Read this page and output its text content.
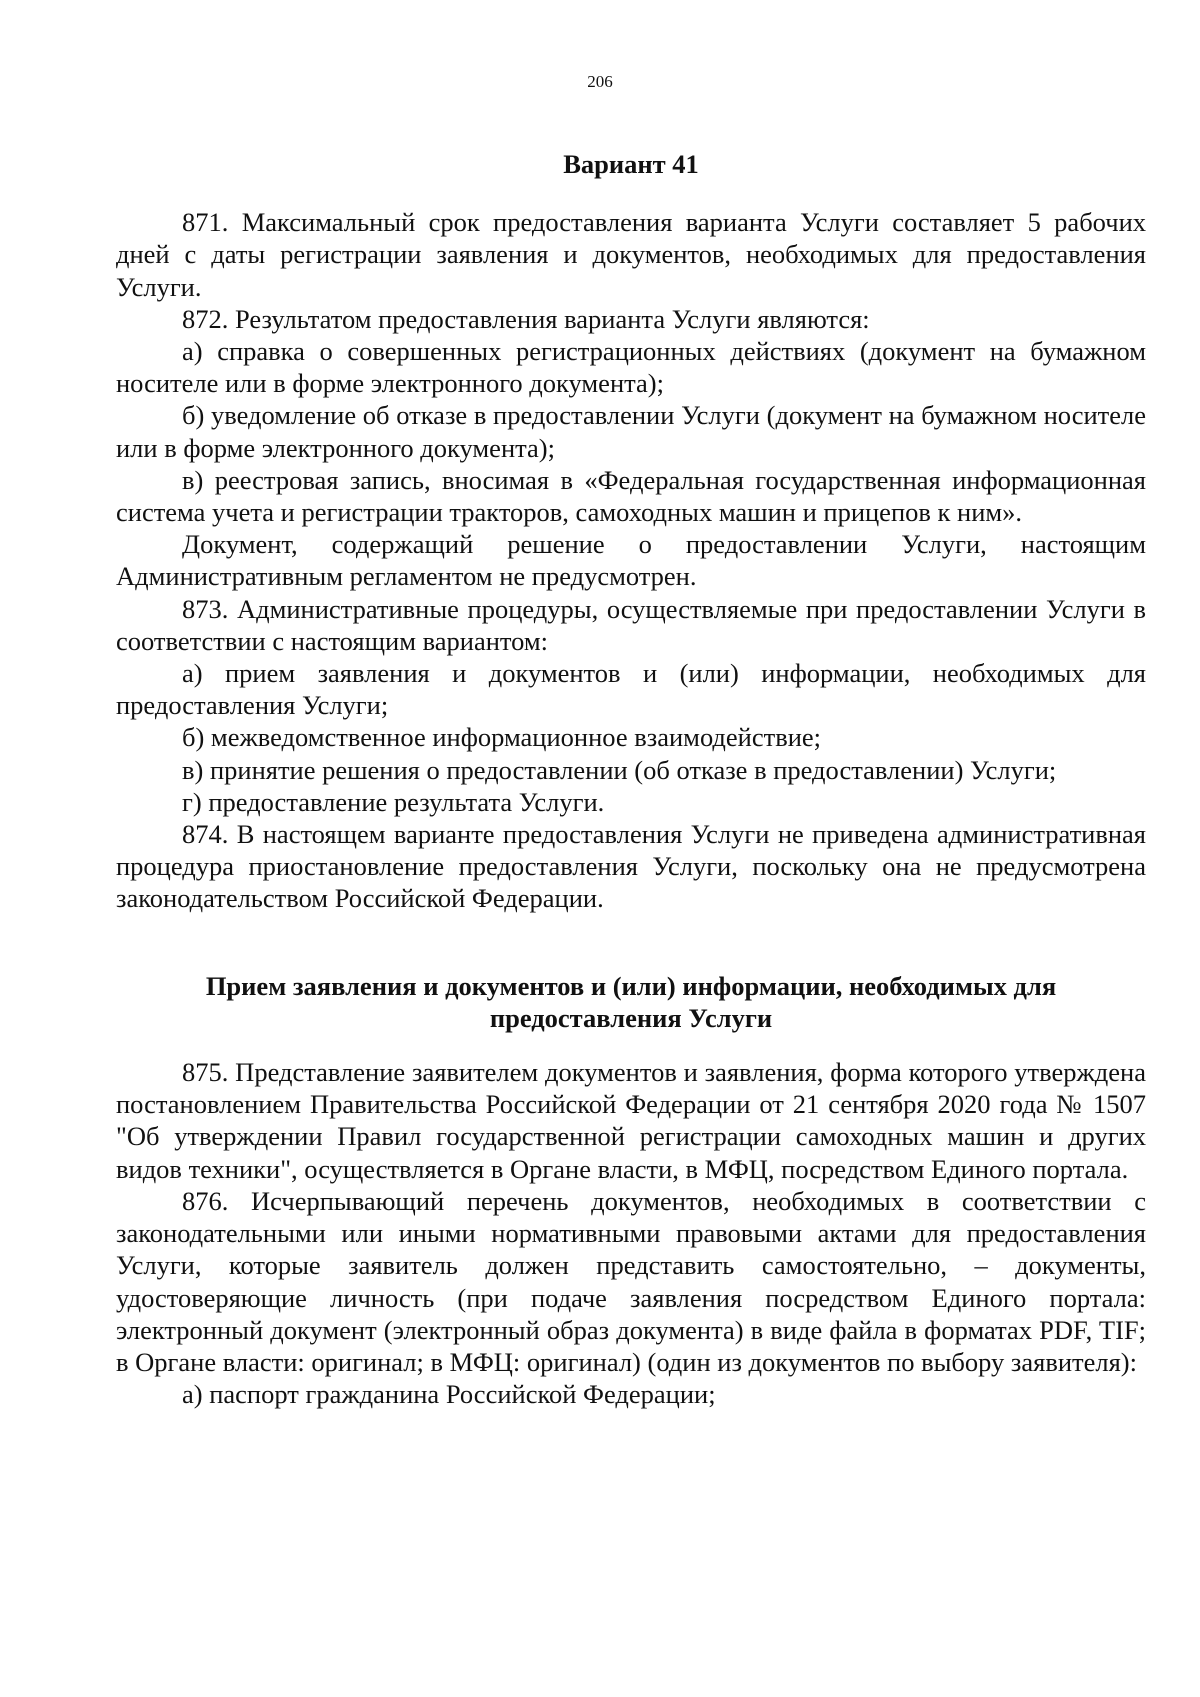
206

Вариант 41

871. Максимальный срок предоставления варианта Услуги составляет 5 рабочих дней с даты регистрации заявления и документов, необходимых для предоставления Услуги.

872. Результатом предоставления варианта Услуги являются:

а) справка о совершенных регистрационных действиях (документ на бумажном носителе или в форме электронного документа);

б) уведомление об отказе в предоставлении Услуги (документ на бумажном носителе или в форме электронного документа);

в) реестровая запись, вносимая в «Федеральная государственная информационная система учета и регистрации тракторов, самоходных машин и прицепов к ним».

Документ, содержащий решение о предоставлении Услуги, настоящим Административным регламентом не предусмотрен.

873. Административные процедуры, осуществляемые при предоставлении Услуги в соответствии с настоящим вариантом:

а) прием заявления и документов и (или) информации, необходимых для предоставления Услуги;

б) межведомственное информационное взаимодействие;

в) принятие решения о предоставлении (об отказе в предоставлении) Услуги;

г) предоставление результата Услуги.

874. В настоящем варианте предоставления Услуги не приведена административная процедура приостановление предоставления Услуги, поскольку она не предусмотрена законодательством Российской Федерации.

Прием заявления и документов и (или) информации, необходимых для предоставления Услуги

875. Представление заявителем документов и заявления, форма которого утверждена постановлением Правительства Российской Федерации от 21 сентября 2020 года № 1507 "Об утверждении Правил государственной регистрации самоходных машин и других видов техники", осуществляется в Органе власти, в МФЦ, посредством Единого портала.

876. Исчерпывающий перечень документов, необходимых в соответствии с законодательными или иными нормативными правовыми актами для предоставления Услуги, которые заявитель должен представить самостоятельно, – документы, удостоверяющие личность (при подаче заявления посредством Единого портала: электронный документ (электронный образ документа) в виде файла в форматах PDF, TIF; в Органе власти: оригинал; в МФЦ: оригинал) (один из документов по выбору заявителя):

а) паспорт гражданина Российской Федерации;
